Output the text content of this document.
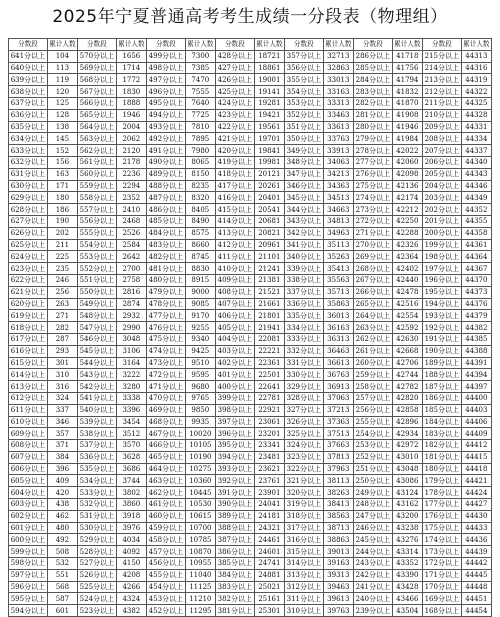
2025年宁夏普通高考考生成绩一分段表（物理组）
分数段	累计人数	分数段	累计人数	分数段	累计人数	分数段	累计人数	分数段	累计人数	分数段	累计人数	分数段	累计人数
641分以上	104	570分以上	1656	499分以上	7300	428分以上	18721	357分以上	32713	286分以上	41718	215分以上	44313
640分以上	113	569分以上	1714	498分以上	7385	427分以上	18861	356分以上	32863	285分以上	41756	214分以上	44316
639分以上	119	568分以上	1772	497分以上	7470	426分以上	19001	355分以上	33013	284分以上	41794	213分以上	44319
638分以上	120	567分以上	1830	496分以上	7555	425分以上	19141	354分以上	33163	283分以上	41832	212分以上	44322
637分以上	125	566分以上	1888	495分以上	7640	424分以上	19281	353分以上	33313	282分以上	41870	211分以上	44325
636分以上	128	565分以上	1946	494分以上	7725	423分以上	19421	352分以上	33463	281分以上	41908	210分以上	44328
635分以上	138	564分以上	2004	493分以上	7810	422分以上	19561	351分以上	33613	280分以上	41946	209分以上	44331
634分以上	145	563分以上	2062	492分以上	7895	421分以上	19701	350分以上	33763	279分以上	41984	208分以上	44334
633分以上	152	562分以上	2120	491分以上	7980	420分以上	19841	349分以上	33913	278分以上	42022	207分以上	44337
632分以上	156	561分以上	2178	490分以上	8065	419分以上	19981	348分以上	34063	277分以上	42060	206分以上	44340
631分以上	163	560分以上	2236	489分以上	8150	418分以上	20121	347分以上	34213	276分以上	42098	205分以上	44343
630分以上	171	559分以上	2294	488分以上	8235	417分以上	20261	346分以上	34363	275分以上	42136	204分以上	44346
629分以上	180	558分以上	2352	487分以上	8320	416分以上	20401	345分以上	34513	274分以上	42174	203分以上	44349
628分以上	186	557分以上	2410	486分以上	8405	415分以上	20541	344分以上	34663	273分以上	42212	202分以上	44352
627分以上	190	556分以上	2468	485分以上	8490	414分以上	20681	343分以上	34813	272分以上	42250	201分以上	44355
626分以上	202	555分以上	2526	484分以上	8575	413分以上	20821	342分以上	34963	271分以上	42288	200分以上	44358
625分以上	211	554分以上	2584	483分以上	8660	412分以上	20961	341分以上	35113	270分以上	42326	199分以上	44361
624分以上	225	553分以上	2642	482分以上	8745	411分以上	21101	340分以上	35263	269分以上	42364	198分以上	44364
623分以上	235	552分以上	2700	481分以上	8830	410分以上	21241	339分以上	35413	268分以上	42402	197分以上	44367
622分以上	246	551分以上	2758	480分以上	8915	409分以上	21381	338分以上	35563	267分以上	42440	196分以上	44370
621分以上	256	550分以上	2816	479分以上	9000	408分以上	21521	337分以上	35713	266分以上	42478	195分以上	44373
620分以上	263	549分以上	2874	478分以上	9085	407分以上	21661	336分以上	35863	265分以上	42516	194分以上	44376
619分以上	271	548分以上	2932	477分以上	9170	406分以上	21801	335分以上	36013	264分以上	42554	193分以上	44379
618分以上	282	547分以上	2990	476分以上	9255	405分以上	21941	334分以上	36163	263分以上	42592	192分以上	44382
617分以上	287	546分以上	3048	475分以上	9340	404分以上	22081	333分以上	36313	262分以上	42630	191分以上	44385
616分以上	293	545分以上	3106	474分以上	9425	403分以上	22221	332分以上	36463	261分以上	42668	190分以上	44388
615分以上	301	544分以上	3164	473分以上	9510	402分以上	22361	331分以上	36613	260分以上	42706	189分以上	44391
614分以上	310	543分以上	3222	472分以上	9595	401分以上	22501	330分以上	36763	259分以上	42744	188分以上	44394
613分以上	316	542分以上	3280	471分以上	9680	400分以上	22641	329分以上	36913	258分以上	42782	187分以上	44397
612分以上	324	541分以上	3338	470分以上	9765	399分以上	22781	328分以上	37063	257分以上	42820	186分以上	44400
611分以上	337	540分以上	3396	469分以上	9850	398分以上	22921	327分以上	37213	256分以上	42858	185分以上	44403
610分以上	346	539分以上	3454	468分以上	9935	397分以上	23061	326分以上	37363	255分以上	42896	184分以上	44406
609分以上	357	538分以上	3512	467分以上	10020	396分以上	23201	325分以上	37513	254分以上	42934	183分以上	44409
608分以上	371	537分以上	3570	466分以上	10105	395分以上	23341	324分以上	37663	253分以上	42972	182分以上	44412
607分以上	384	536分以上	3628	465分以上	10190	394分以上	23481	323分以上	37813	252分以上	43010	181分以上	44415
606分以上	396	535分以上	3686	464分以上	10275	393分以上	23621	322分以上	37963	251分以上	43048	180分以上	44418
605分以上	409	534分以上	3744	463分以上	10360	392分以上	23761	321分以上	38113	250分以上	43086	179分以上	44421
604分以上	420	533分以上	3802	462分以上	10445	391分以上	23901	320分以上	38263	249分以上	43124	178分以上	44424
603分以上	438	532分以上	3860	461分以上	10530	390分以上	24041	319分以上	38413	248分以上	43162	177分以上	44427
602分以上	462	531分以上	3918	460分以上	10615	389分以上	24181	318分以上	38563	247分以上	43200	176分以上	44430
601分以上	480	530分以上	3976	459分以上	10700	388分以上	24321	317分以上	38713	246分以上	43238	175分以上	44433
600分以上	492	529分以上	4034	458分以上	10785	387分以上	24461	316分以上	38863	245分以上	43276	174分以上	44436
599分以上	508	528分以上	4092	457分以上	10870	386分以上	24601	315分以上	39013	244分以上	43314	173分以上	44439
598分以上	532	527分以上	4150	456分以上	10955	385分以上	24741	314分以上	39163	243分以上	43352	172分以上	44442
597分以上	551	526分以上	4208	455分以上	11040	384分以上	24881	313分以上	39313	242分以上	43390	171分以上	44445
596分以上	568	525分以上	4266	454分以上	11125	383分以上	25021	312分以上	39463	241分以上	43428	170分以上	44448
595分以上	587	524分以上	4324	453分以上	11210	382分以上	25161	311分以上	39613	240分以上	43466	169分以上	44451
594分以上	601	523分以上	4382	452分以上	11295	381分以上	25301	310分以上	39763	239分以上	43504	168分以上	44454
